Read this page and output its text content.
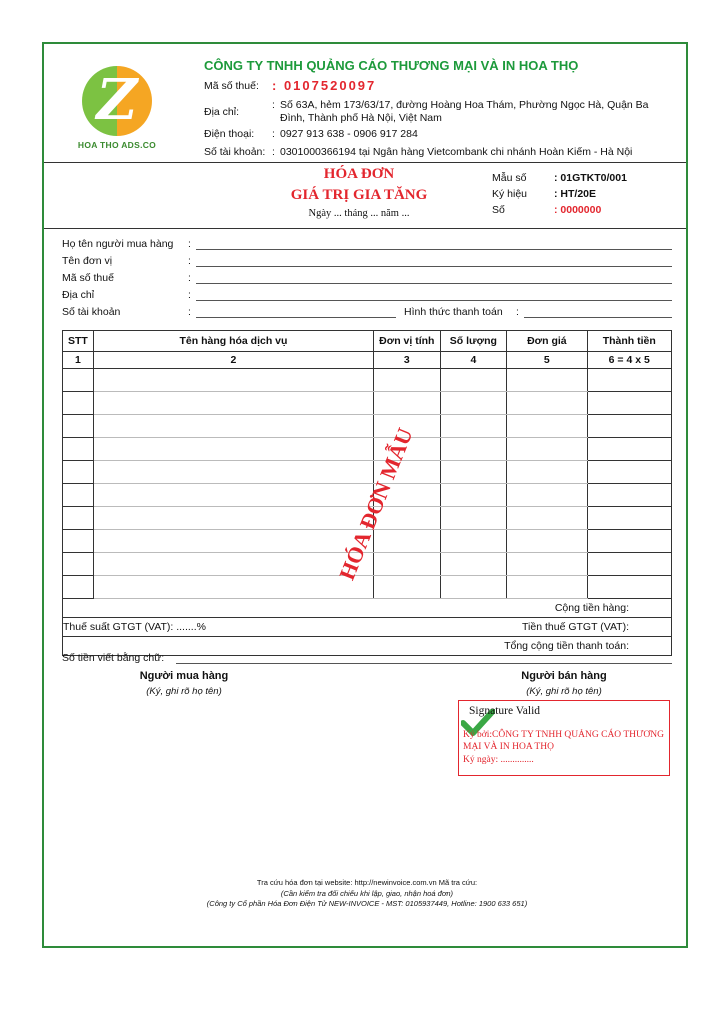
Z
HOA THO ADS.CO
CÔNG TY TNHH QUẢNG CÁO THƯƠNG MẠI VÀ IN HOA THỌ
Mã số thuế: : 0107520097
Địa chỉ:
: Số 63A, hẻm 173/63/17, đường Hoàng Hoa Thám, Phường Ngọc Hà, Quận Ba
Đình, Thành phố Hà Nội, Việt Nam
Điện thoại: : 0927 913 638 - 0906 917 284
Số tài khoản: : 0301000366194 tại Ngân hàng Vietcombank chi nhánh Hoàn Kiếm - Hà Nội
HÓA ĐƠN
GIÁ TRỊ GIA TĂNG
Ngày ... tháng ... năm ...
Mẫu số	: 01GTKT0/001
Ký hiệu	: HT/20E
Số	: 0000000
Họ tên người mua hàng :
Tên đơn vị	:
Mã số thuế	:
Địa chỉ	:
Số tài khoản	:	Hình thức thanh toán :
STT	Tên hàng hóa dịch vụ	Đơn vị tính	Số lượng	Đơn giá	Thành tiền
1	2	3	4	5	6 = 4 x 5

Cộng tiền hàng:					

Thuế suất GTGT (VAT): .......% Tiền thuế GTGT (VAT):					

Tổng cộng tiền thanh toán:					
HÓA ĐƠN MẪU
Số tiền viết bằng chữ:
Người mua hàng
(Ký, ghi rõ họ tên)
Người bán hàng
(Ký, ghi rõ họ tên)
Signature Valid
Ký bởi:CÔNG TY TNHH QUẢNG CÁO THƯƠNG MẠI VÀ IN HOA THỌ
Ký ngày: ..............
Tra cứu hóa đơn tại website: http://newinvoice.com.vn Mã tra cứu:
(Cần kiểm tra đối chiếu khi lập, giao, nhận hoá đơn)
(Công ty Cổ phần Hóa Đơn Điện Tử NEW-INVOICE - MST: 0105937449, Hotline: 1900 633 651)
